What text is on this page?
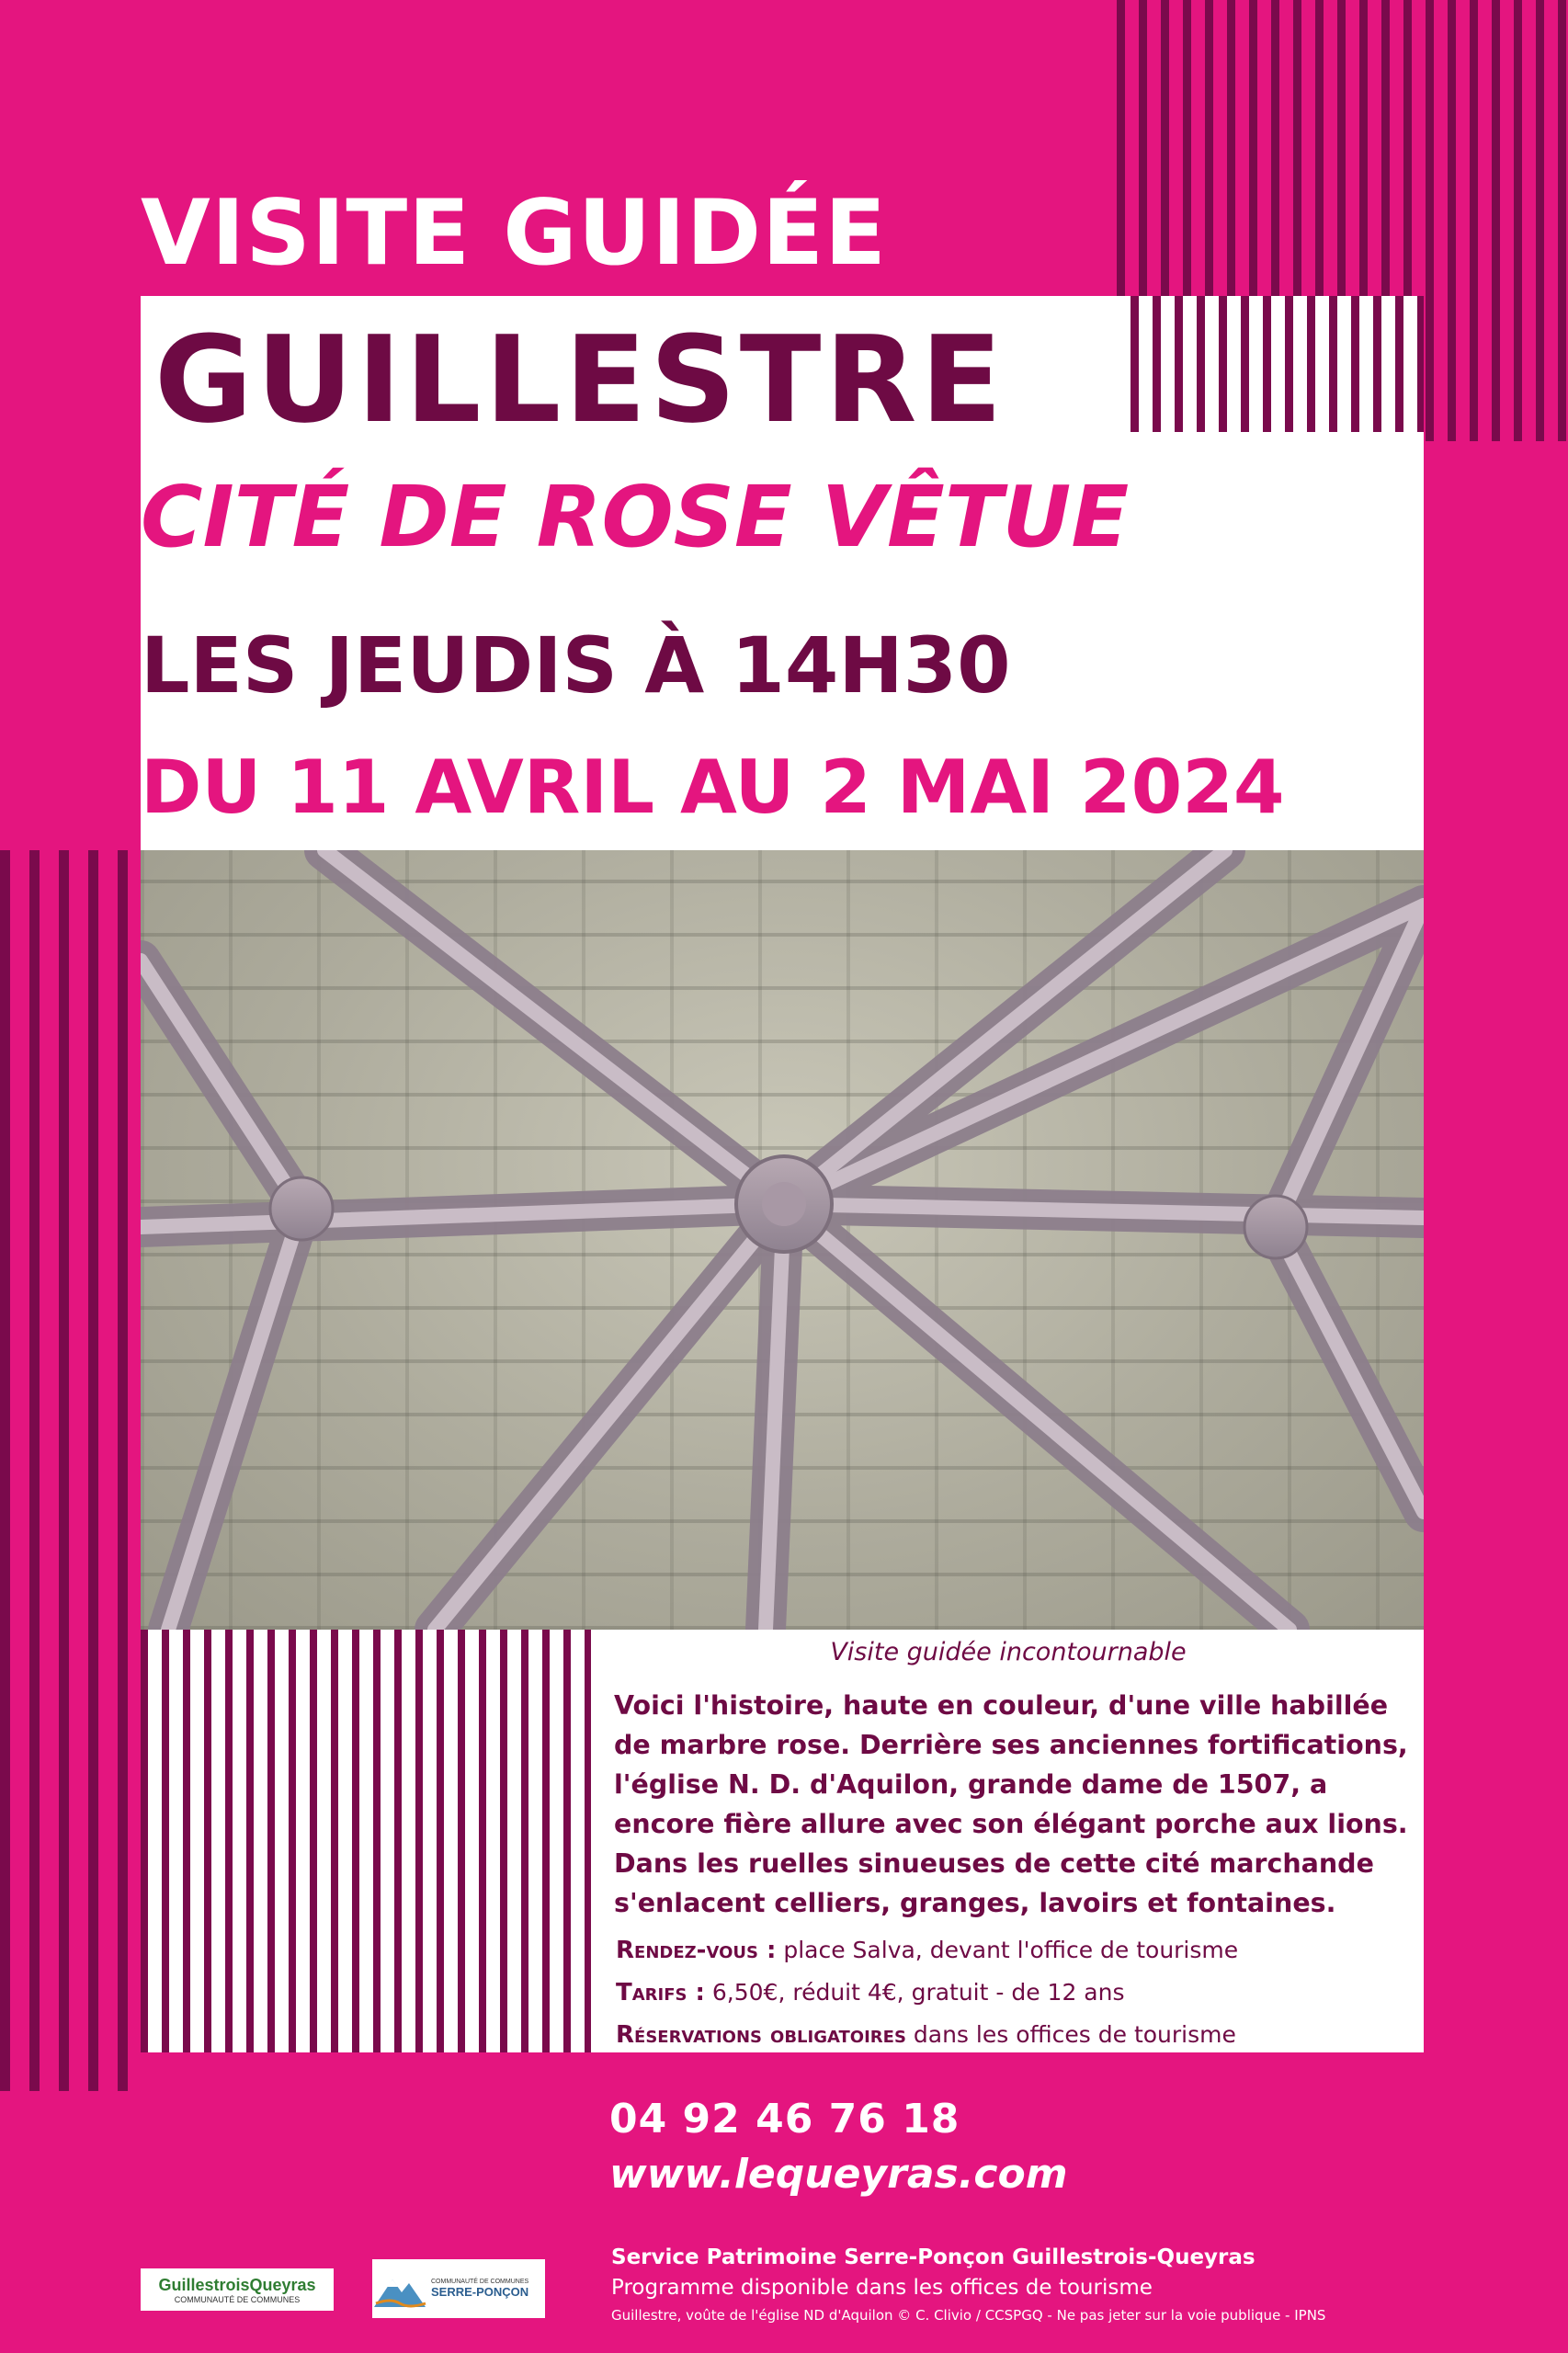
VISITE GUIDÉE
GUILLESTRE
CITÉ DE ROSE VÊTUE
LES JEUDIS À 14H30
DU 11 AVRIL AU 2 MAI 2024
Visite guidée incontournable

Voici l'histoire, haute en couleur, d'une ville habillée de marbre rose. Derrière ses anciennes fortifications, l'église N. D. d'Aquilon, grande dame de 1507, a encore fière allure avec son élégant porche aux lions. Dans les ruelles sinueuses de cette cité marchande s'enlacent celliers, granges, lavoirs et fontaines.

Rendez-vous : place Salva, devant l'office de tourisme

Tarifs : 6,50€, réduit 4€, gratuit - de 12 ans

Réservations obligatoires dans les offices de tourisme

04 92 46 76 18
www.lequeyras.com
GuillestroisQueyras
COMMUNAUTÉ DE COMMUNES
COMMUNAUTÉ DE COMMUNES
SERRE-PONÇON
Service Patrimoine Serre-Ponçon Guillestrois-Queyras
Programme disponible dans les offices de tourisme
Guillestre, voûte de l'église ND d'Aquilon © C. Clivio / CCSPGQ - Ne pas jeter sur la voie publique - IPNS
